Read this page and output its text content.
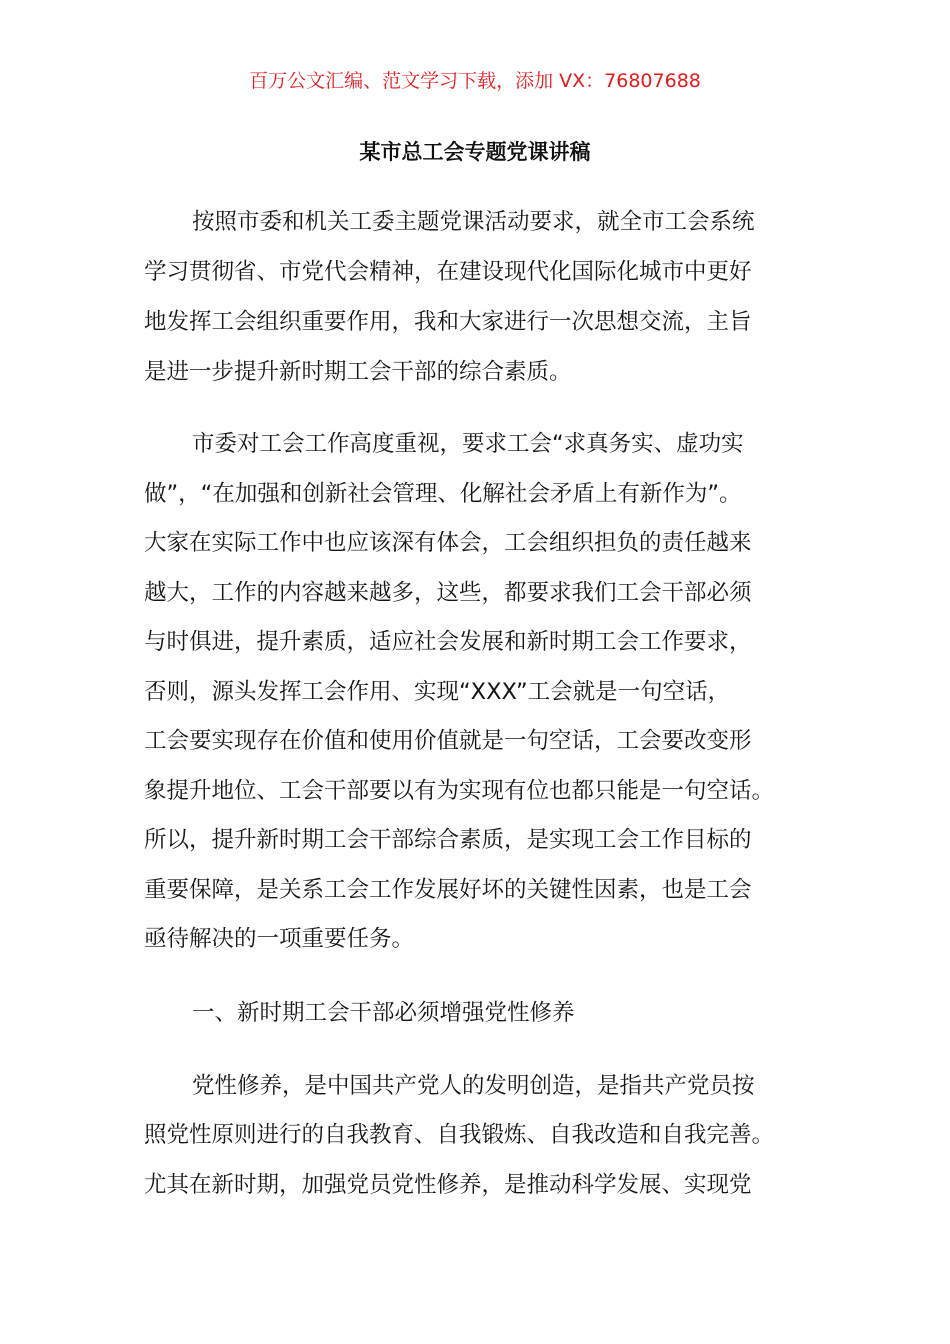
百万公文汇编、范文学习下载，添加 VX：76807688
某市总工会专题党课讲稿
按照市委和机关工委主题党课活动要求，就全市工会系统
学习贯彻省、市党代会精神，在建设现代化国际化城市中更好
地发挥工会组织重要作用，我和大家进行一次思想交流，主旨
是进一步提升新时期工会干部的综合素质。
市委对工会工作高度重视，要求工会“求真务实、虚功实
做”，“在加强和创新社会管理、化解社会矛盾上有新作为”。
大家在实际工作中也应该深有体会，工会组织担负的责任越来
越大，工作的内容越来越多，这些，都要求我们工会干部必须
与时俱进，提升素质，适应社会发展和新时期工会工作要求，
否则，源头发挥工会作用、实现“XXX”工会就是一句空话，
工会要实现存在价值和使用价值就是一句空话，工会要改变形
象提升地位、工会干部要以有为实现有位也都只能是一句空话。
所以，提升新时期工会干部综合素质，是实现工会工作目标的
重要保障，是关系工会工作发展好坏的关键性因素，也是工会
亟待解决的一项重要任务。
一、新时期工会干部必须增强党性修养
党性修养，是中国共产党人的发明创造，是指共产党员按
照党性原则进行的自我教育、自我锻炼、自我改造和自我完善。
尤其在新时期，加强党员党性修养，是推动科学发展、实现党
